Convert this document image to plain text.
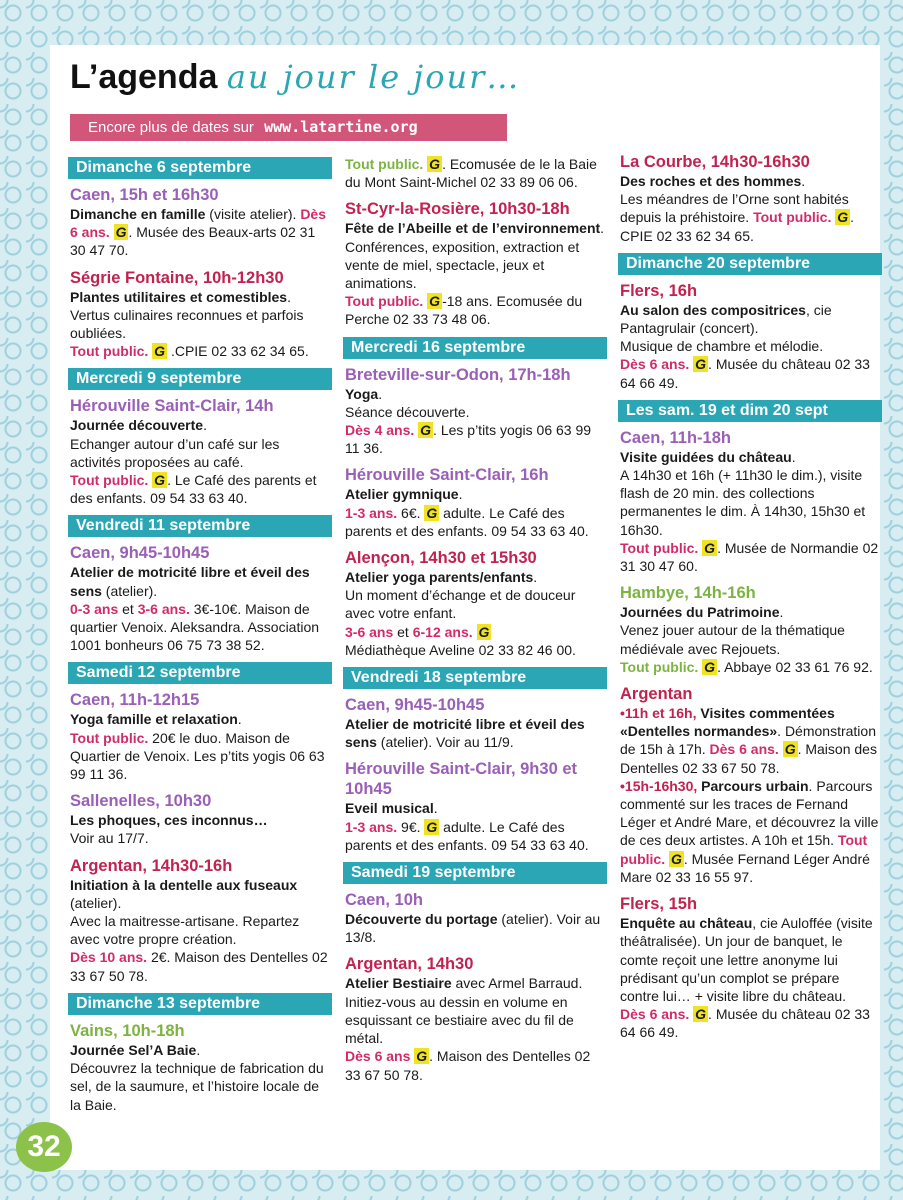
L’agenda au jour le jour…
Encore plus de dates sur www.latartine.org
Dimanche 6 septembre
Caen, 15h et 16h30
Dimanche en famille (visite atelier). Dès 6 ans. G . Musée des Beaux-arts 02 31 30 47 70.
Ségrie Fontaine, 10h-12h30
Plantes utilitaires et comestibles.
Vertus culinaires reconnues et parfois oubliées.
Tout public. G .CPIE 02 33 62 34 65.
Mercredi 9 septembre
Hérouville Saint-Clair, 14h
Journée découverte.
Echanger autour d’un café sur les activités proposées au café.
Tout public. G . Le Café des parents et des enfants. 09 54 33 63 40.
Vendredi 11 septembre
Caen, 9h45-10h45
Atelier de motricité libre et éveil des sens (atelier).
0-3 ans et 3-6 ans. 3€-10€. Maison de quartier Venoix. Aleksandra. Association 1001 bonheurs 06 75 73 38 52.
Samedi 12 septembre
Caen, 11h-12h15
Yoga famille et relaxation.
Tout public. 20€ le duo. Maison de Quartier de Venoix. Les p’tits yogis 06 63 99 11 36.
Sallenelles, 10h30
Les phoques, ces inconnus…
Voir au 17/7.
Argentan, 14h30-16h
Initiation à la dentelle aux fuseaux (atelier).
Avec la maitresse-artisane. Repartez avec votre propre création.
Dès 10 ans. 2€. Maison des Dentelles 02 33 67 50 78.
Dimanche 13 septembre
Vains, 10h-18h
Journée Sel’A Baie.
Découvrez la technique de fabrication du sel, de la saumure, et l’histoire locale de la Baie.
Tout public. G . Ecomusée de le la Baie du Mont Saint-Michel 02 33 89 06 06.
St-Cyr-la-Rosière, 10h30-18h
Fête de l’Abeille et de l’environnement.
Conférences, exposition, extraction et vente de miel, spectacle, jeux et animations.
Tout public. G -18 ans. Ecomusée du Perche 02 33 73 48 06.
Mercredi 16 septembre
Breteville-sur-Odon, 17h-18h
Yoga.
Séance découverte.
Dès 4 ans. G . Les p’tits yogis 06 63 99 11 36.
Hérouville Saint-Clair, 16h
Atelier gymnique.
1-3 ans. 6€. G adulte. Le Café des parents et des enfants. 09 54 33 63 40.
Alençon, 14h30 et 15h30
Atelier yoga parents/enfants.
Un moment d’échange et de douceur avec votre enfant.
3-6 ans et 6-12 ans. G
Médiathèque Aveline 02 33 82 46 00.
Vendredi 18 septembre
Caen, 9h45-10h45
Atelier de motricité libre et éveil des sens (atelier). Voir au 11/9.
Hérouville Saint-Clair, 9h30 et 10h45
Eveil musical.
1-3 ans. 9€. G adulte. Le Café des parents et des enfants. 09 54 33 63 40.
Samedi 19 septembre
Caen, 10h
Découverte du portage (atelier). Voir au 13/8.
Argentan, 14h30
Atelier Bestiaire avec Armel Barraud. Initiez-vous au dessin en volume en esquissant ce bestiaire avec du fil de métal.
Dès 6 ans G . Maison des Dentelles 02 33 67 50 78.
La Courbe, 14h30-16h30
Des roches et des hommes.
Les méandres de l’Orne sont habités depuis la préhistoire. Tout public. G . CPIE 02 33 62 34 65.
Dimanche 20 septembre
Flers, 16h
Au salon des compositrices, cie Pantagrulair (concert).
Musique de chambre et mélodie.
Dès 6 ans. G . Musée du château 02 33 64 66 49.
Les sam. 19 et dim 20 sept
Caen, 11h-18h
Visite guidées du château.
A 14h30 et 16h (+ 11h30 le dim.), visite flash de 20 min. des collections permanentes le dim. À 14h30, 15h30 et 16h30.
Tout public. G . Musée de Normandie 02 31 30 47 60.
Hambye, 14h-16h
Journées du Patrimoine.
Venez jouer autour de la thématique médiévale avec Rejouets.
Tout public. G . Abbaye 02 33 61 76 92.
Argentan
•11h et 16h, Visites commentées «Dentelles normandes». Démonstration de 15h à 17h. Dès 6 ans. G . Maison des Dentelles 02 33 67 50 78.
•15h-16h30, Parcours urbain. Parcours commenté sur les traces de Fernand Léger et André Mare, et découvrez la ville de ces deux artistes. A 10h et 15h. Tout public. G . Musée Fernand Léger André Mare 02 33 16 55 97.
Flers, 15h
Enquête au château, cie Auloffée (visite théâtralisée). Un jour de banquet, le comte reçoit une lettre anonyme lui prédisant qu’un complot se prépare contre lui… + visite libre du château.
Dès 6 ans. G . Musée du château 02 33 64 66 49.
32
